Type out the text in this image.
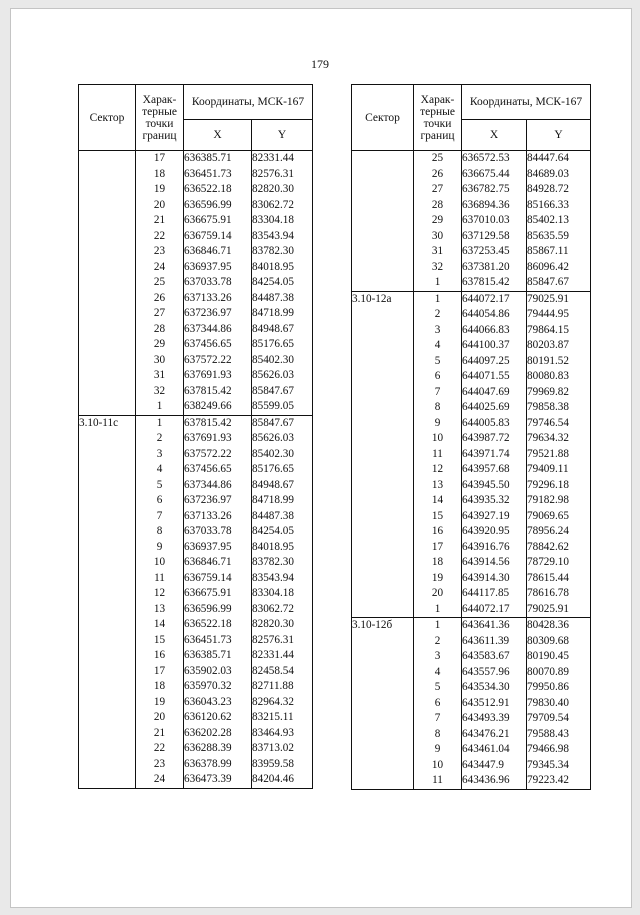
179
Сектор	Харак-терные точки границ	Координаты, МСК-167	
		X	Y
	17	636385.71	82331.44
	18	636451.73	82576.31
	19	636522.18	82820.30
	20	636596.99	83062.72
	21	636675.91	83304.18
	22	636759.14	83543.94
	23	636846.71	83782.30
	24	636937.95	84018.95
	25	637033.78	84254.05
	26	637133.26	84487.38
	27	637236.97	84718.99
	28	637344.86	84948.67
	29	637456.65	85176.65
	30	637572.22	85402.30
	31	637691.93	85626.03
	32	637815.42	85847.67
	1	638249.66	85599.05
3.10-11с	1	637815.42	85847.67
	2	637691.93	85626.03
	3	637572.22	85402.30
	4	637456.65	85176.65
	5	637344.86	84948.67
	6	637236.97	84718.99
	7	637133.26	84487.38
	8	637033.78	84254.05
	9	636937.95	84018.95
	10	636846.71	83782.30
	11	636759.14	83543.94
	12	636675.91	83304.18
	13	636596.99	83062.72
	14	636522.18	82820.30
	15	636451.73	82576.31
	16	636385.71	82331.44
	17	635902.03	82458.54
	18	635970.32	82711.88
	19	636043.23	82964.32
	20	636120.62	83215.11
	21	636202.28	83464.93
	22	636288.39	83713.02
	23	636378.99	83959.58
	24	636473.39	84204.46
Сектор	Харак-терные точки границ	Координаты, МСК-167	
		X	Y
	25	636572.53	84447.64
	26	636675.44	84689.03
	27	636782.75	84928.72
	28	636894.36	85166.33
	29	637010.03	85402.13
	30	637129.58	85635.59
	31	637253.45	85867.11
	32	637381.20	86096.42
	1	637815.42	85847.67
3.10-12а	1	644072.17	79025.91
	2	644054.86	79444.95
	3	644066.83	79864.15
	4	644100.37	80203.87
	5	644097.25	80191.52
	6	644071.55	80080.83
	7	644047.69	79969.82
	8	644025.69	79858.38
	9	644005.83	79746.54
	10	643987.72	79634.32
	11	643971.74	79521.88
	12	643957.68	79409.11
	13	643945.50	79296.18
	14	643935.32	79182.98
	15	643927.19	79069.65
	16	643920.95	78956.24
	17	643916.76	78842.62
	18	643914.56	78729.10
	19	643914.30	78615.44
	20	644117.85	78616.78
	1	644072.17	79025.91
3.10-12б	1	643641.36	80428.36
	2	643611.39	80309.68
	3	643583.67	80190.45
	4	643557.96	80070.89
	5	643534.30	79950.86
	6	643512.91	79830.40
	7	643493.39	79709.54
	8	643476.21	79588.43
	9	643461.04	79466.98
	10	643447.9	79345.34
	11	643436.96	79223.42
